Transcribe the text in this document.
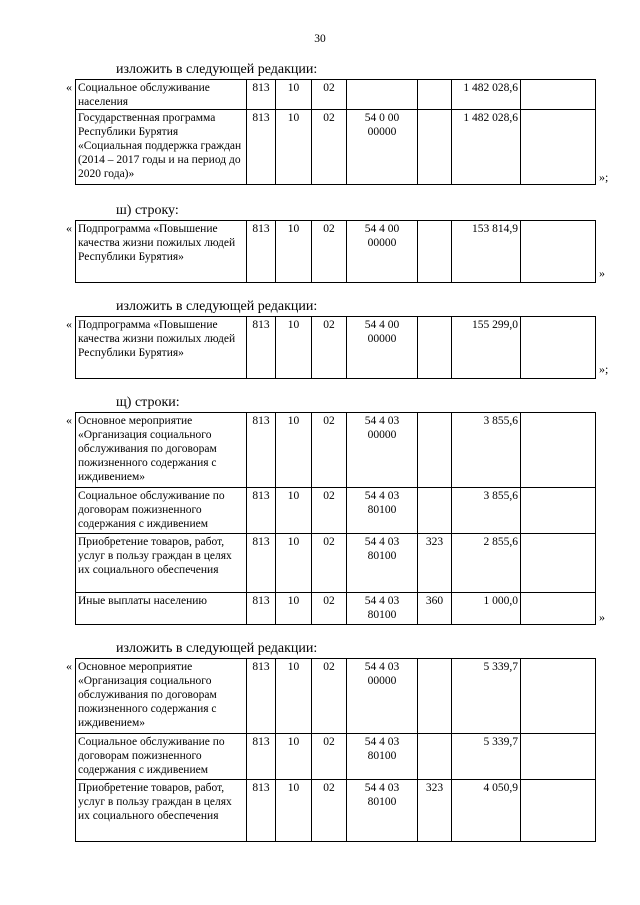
30
изложить в следующей редакции:
« Социальное обслуживание населения	813	10	02			1 482 028,6	
Государственная программа Республики Бурятия «Социальная поддержка граждан (2014 – 2017 годы и на период до 2020 года)»	813	10	02	54 0 00 00000		1 482 028,6	
»;
ш) строку:
« Подпрограмма «Повышение качества жизни пожилых людей Республики Бурятия»	813	10	02	54 4 00 00000		153 814,9	
»
изложить в следующей редакции:
« Подпрограмма «Повышение качества жизни пожилых людей Республики Бурятия»	813	10	02	54 4 00 00000		155 299,0	
»;
щ) строки:
« Основное мероприятие «Организация социального обслуживания по договорам пожизненного содержания с иждивением»	813	10	02	54 4 03 00000		3 855,6	
Социальное обслуживание по договорам пожизненного содержания с иждивением	813	10	02	54 4 03 80100		3 855,6	
Приобретение товаров, работ, услуг в пользу граждан в целях их социального обеспечения	813	10	02	54 4 03 80100	323	2 855,6	
Иные выплаты населению	813	10	02	54 4 03 80100	360	1 000,0	
»
изложить в следующей редакции:
« Основное мероприятие «Организация социального обслуживания по договорам пожизненного содержания с иждивением»	813	10	02	54 4 03 00000		5 339,7	
Социальное обслуживание по договорам пожизненного содержания с иждивением	813	10	02	54 4 03 80100		5 339,7	
Приобретение товаров, работ, услуг в пользу граждан в целях их социального обеспечения	813	10	02	54 4 03 80100	323	4 050,9	
